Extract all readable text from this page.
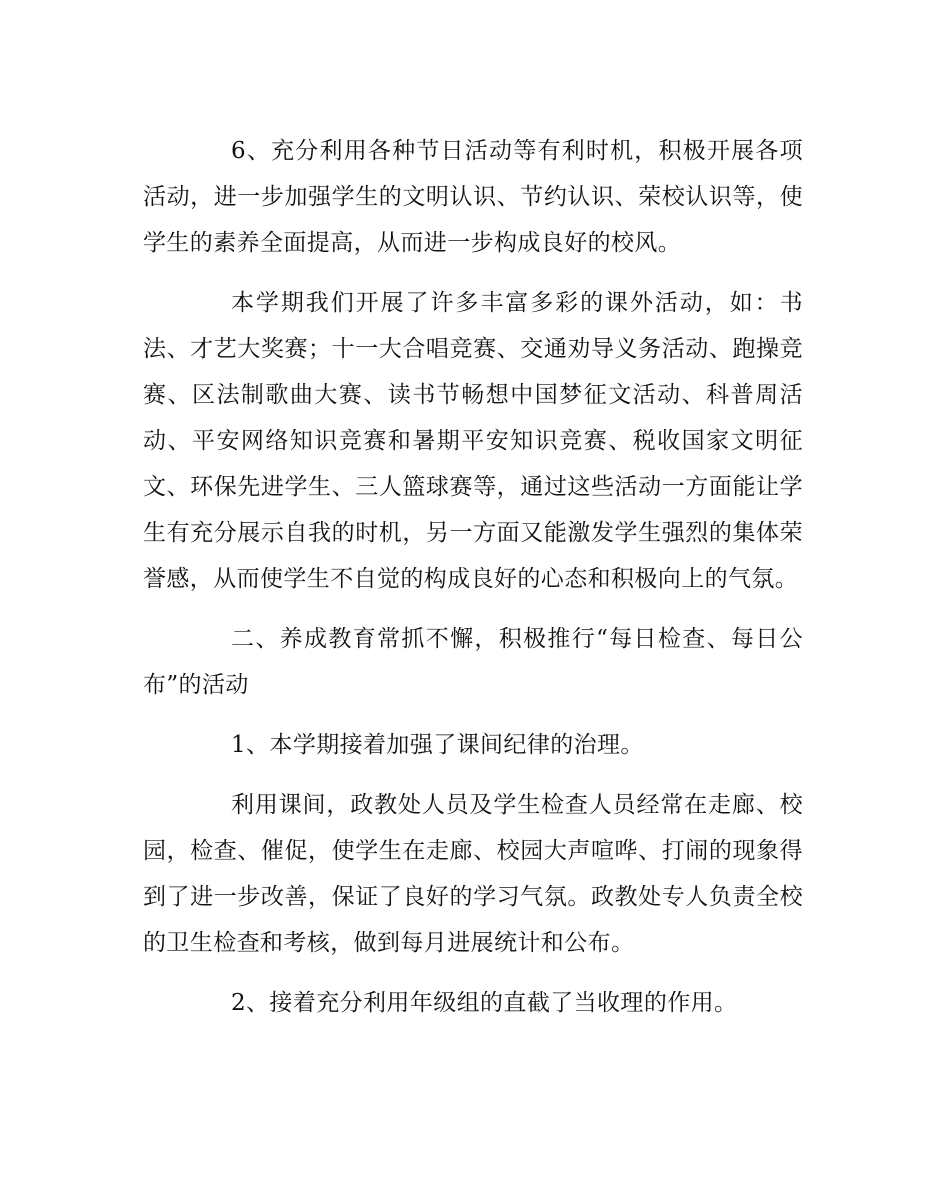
6、充分利用各种节日活动等有利时机，积极开展各项活动，进一步加强学生的文明认识、节约认识、荣校认识等，使学生的素养全面提高，从而进一步构成良好的校风。

本学期我们开展了许多丰富多彩的课外活动，如：书法、才艺大奖赛；十一大合唱竞赛、交通劝导义务活动、跑操竞赛、区法制歌曲大赛、读书节畅想中国梦征文活动、科普周活动、平安网络知识竞赛和暑期平安知识竞赛、税收国家文明征文、环保先进学生、三人篮球赛等，通过这些活动一方面能让学生有充分展示自我的时机，另一方面又能激发学生强烈的集体荣誉感，从而使学生不自觉的构成良好的心态和积极向上的气氛。

二、养成教育常抓不懈，积极推行“每日检查、每日公布”的活动

1、本学期接着加强了课间纪律的治理。

利用课间，政教处人员及学生检查人员经常在走廊、校园，检查、催促，使学生在走廊、校园大声喧哗、打闹的现象得到了进一步改善，保证了良好的学习气氛。政教处专人负责全校的卫生检查和考核，做到每月进展统计和公布。

2、接着充分利用年级组的直截了当收理的作用。
